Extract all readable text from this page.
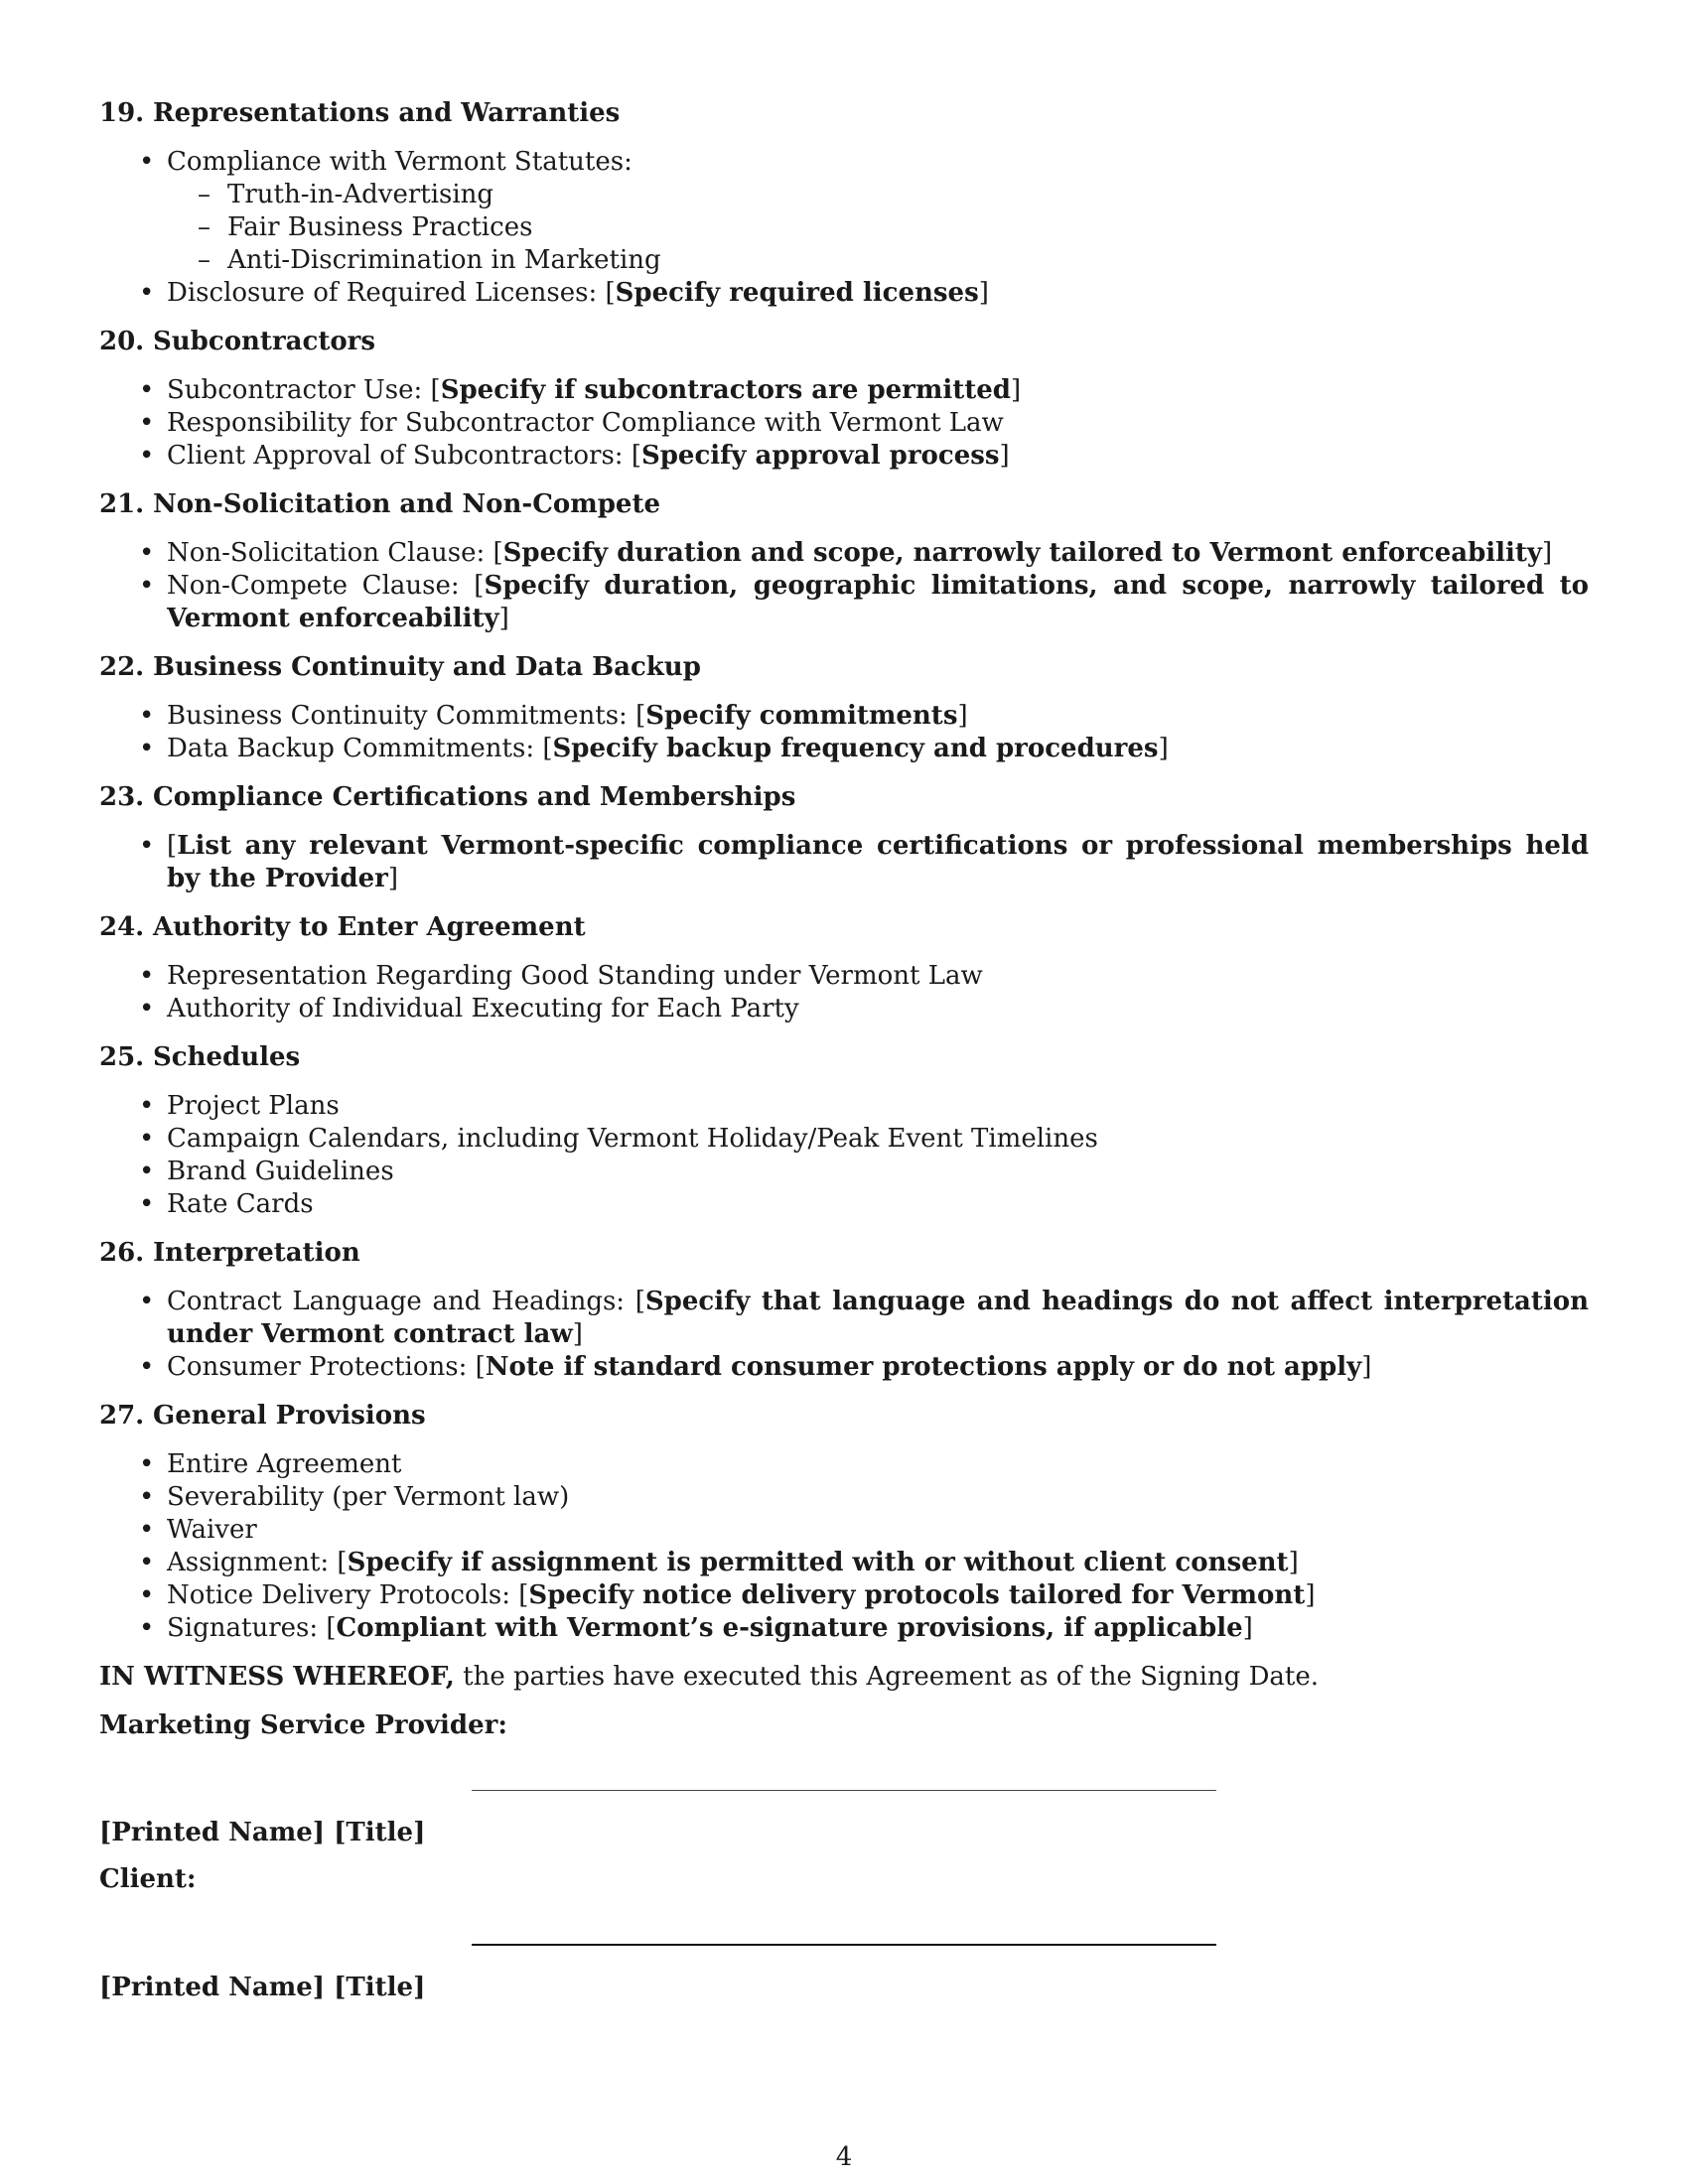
19. Representations and Warranties
• Compliance with Vermont Statutes:
– Truth-in-Advertising
– Fair Business Practices
– Anti-Discrimination in Marketing
• Disclosure of Required Licenses: [Specify required licenses]
20. Subcontractors
• Subcontractor Use: [Specify if subcontractors are permitted]
• Responsibility for Subcontractor Compliance with Vermont Law
• Client Approval of Subcontractors: [Specify approval process]
21. Non-Solicitation and Non-Compete
• Non-Solicitation Clause: [Specify duration and scope, narrowly tailored to Vermont enforceability]
• Non-Compete Clause: [Specify duration, geographic limitations, and scope, narrowly tailored to Vermont enforceability]
22. Business Continuity and Data Backup
• Business Continuity Commitments: [Specify commitments]
• Data Backup Commitments: [Specify backup frequency and procedures]
23. Compliance Certifications and Memberships
• [List any relevant Vermont-specific compliance certifications or professional memberships held by the Provider]
24. Authority to Enter Agreement
• Representation Regarding Good Standing under Vermont Law
• Authority of Individual Executing for Each Party
25. Schedules
• Project Plans
• Campaign Calendars, including Vermont Holiday/Peak Event Timelines
• Brand Guidelines
• Rate Cards
26. Interpretation
• Contract Language and Headings: [Specify that language and headings do not affect interpretation under Vermont contract law]
• Consumer Protections: [Note if standard consumer protections apply or do not apply]
27. General Provisions
• Entire Agreement
• Severability (per Vermont law)
• Waiver
• Assignment: [Specify if assignment is permitted with or without client consent]
• Notice Delivery Protocols: [Specify notice delivery protocols tailored for Vermont]
• Signatures: [Compliant with Vermont’s e-signature provisions, if applicable]
IN WITNESS WHEREOF, the parties have executed this Agreement as of the Signing Date.
Marketing Service Provider:
[Printed Name] [Title]
Client:
[Printed Name] [Title]
4
